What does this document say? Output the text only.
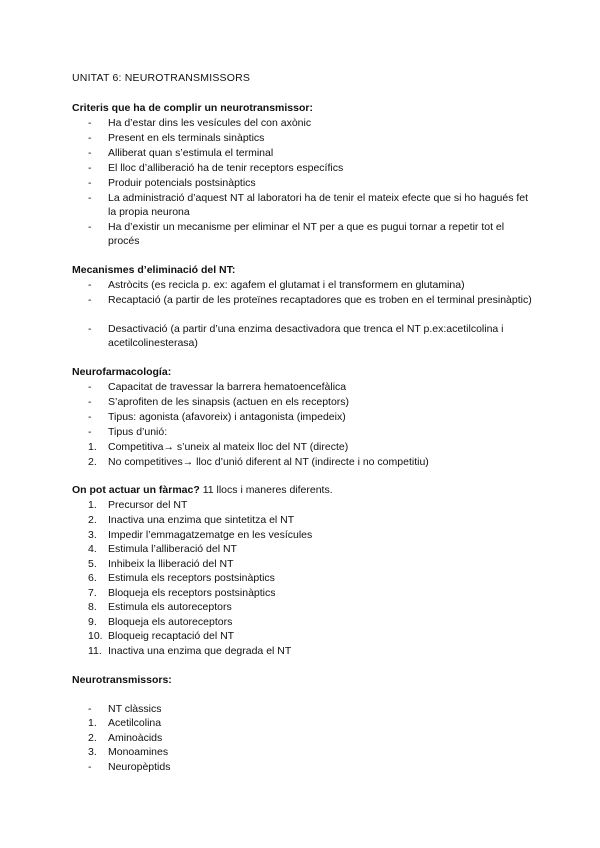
UNITAT 6: NEUROTRANSMISSORS
Criteris que ha de complir un neurotransmissor:
-	Ha d’estar dins les vesícules del con axònic
-	Present en els terminals sinàptics
-	Alliberat quan s’estimula el terminal
-	El lloc d’alliberació ha de tenir receptors específics
-	Produir potencials postsinàptics
-	La administració d’aquest NT al laboratori ha de tenir el mateix efecte que si ho hagués fet la propia neurona
-	Ha d’existir un mecanisme per eliminar el NT per a que es pugui tornar a repetir tot el procés
Mecanismes d’eliminació del NT:
-	Astròcits (es recicla p. ex: agafem el glutamat i el transformem en glutamina)
-	Recaptació (a partir de les proteïnes recaptadores que es troben en el terminal presinàptic)
-	Desactivació (a partir d’una enzima desactivadora que trenca el NT p.ex:acetilcolina i acetilcolinesterasa)
Neurofarmacología:
-	Capacitat de travessar la barrera hematoencefàlica
-	S’aprofiten de les sinapsis (actuen en els receptors)
-	Tipus: agonista (afavoreix) i antagonista (impedeix)
-	Tipus d’unió:
1.	Competitiva→ s’uneix al mateix lloc del NT (directe)
2.	No competitives→ lloc d’unió diferent al NT (indirecte i no competitiu)
On pot actuar un fàrmac? 11 llocs i maneres diferents.
1.	Precursor del NT
2.	Inactiva una enzima que sintetitza el NT
3.	Impedir l’emmagatzematge en les vesícules
4.	Estimula l’alliberació del NT
5.	Inhibeix la lliberació del NT
6.	Estimula els receptors postsinàptics
7.	Bloqueja els receptors postsinàptics
8.	Estimula els autoreceptors
9.	Bloqueja els autoreceptors
10. Bloqueig recaptació del NT
11. Inactiva una enzima que degrada el NT
Neurotransmissors:
-	NT clàssics
1.	Acetilcolina
2.	Aminoàcids
3.	Monoamines
-	Neuropèptids
